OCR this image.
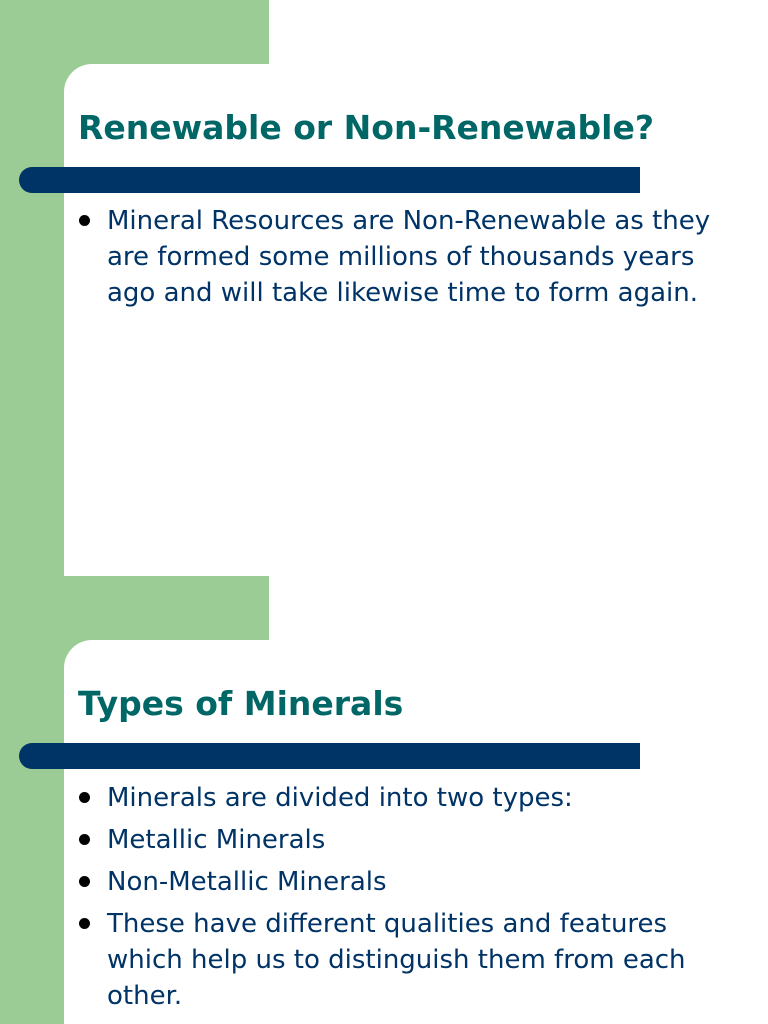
Renewable or Non-Renewable?
Mineral Resources are Non-Renewable as they are formed some millions of thousands years ago and will take likewise time to form again.
Types of Minerals
Minerals are divided into two types:
Metallic Minerals
Non-Metallic Minerals
These have different qualities and features which help us to distinguish them from each other.
